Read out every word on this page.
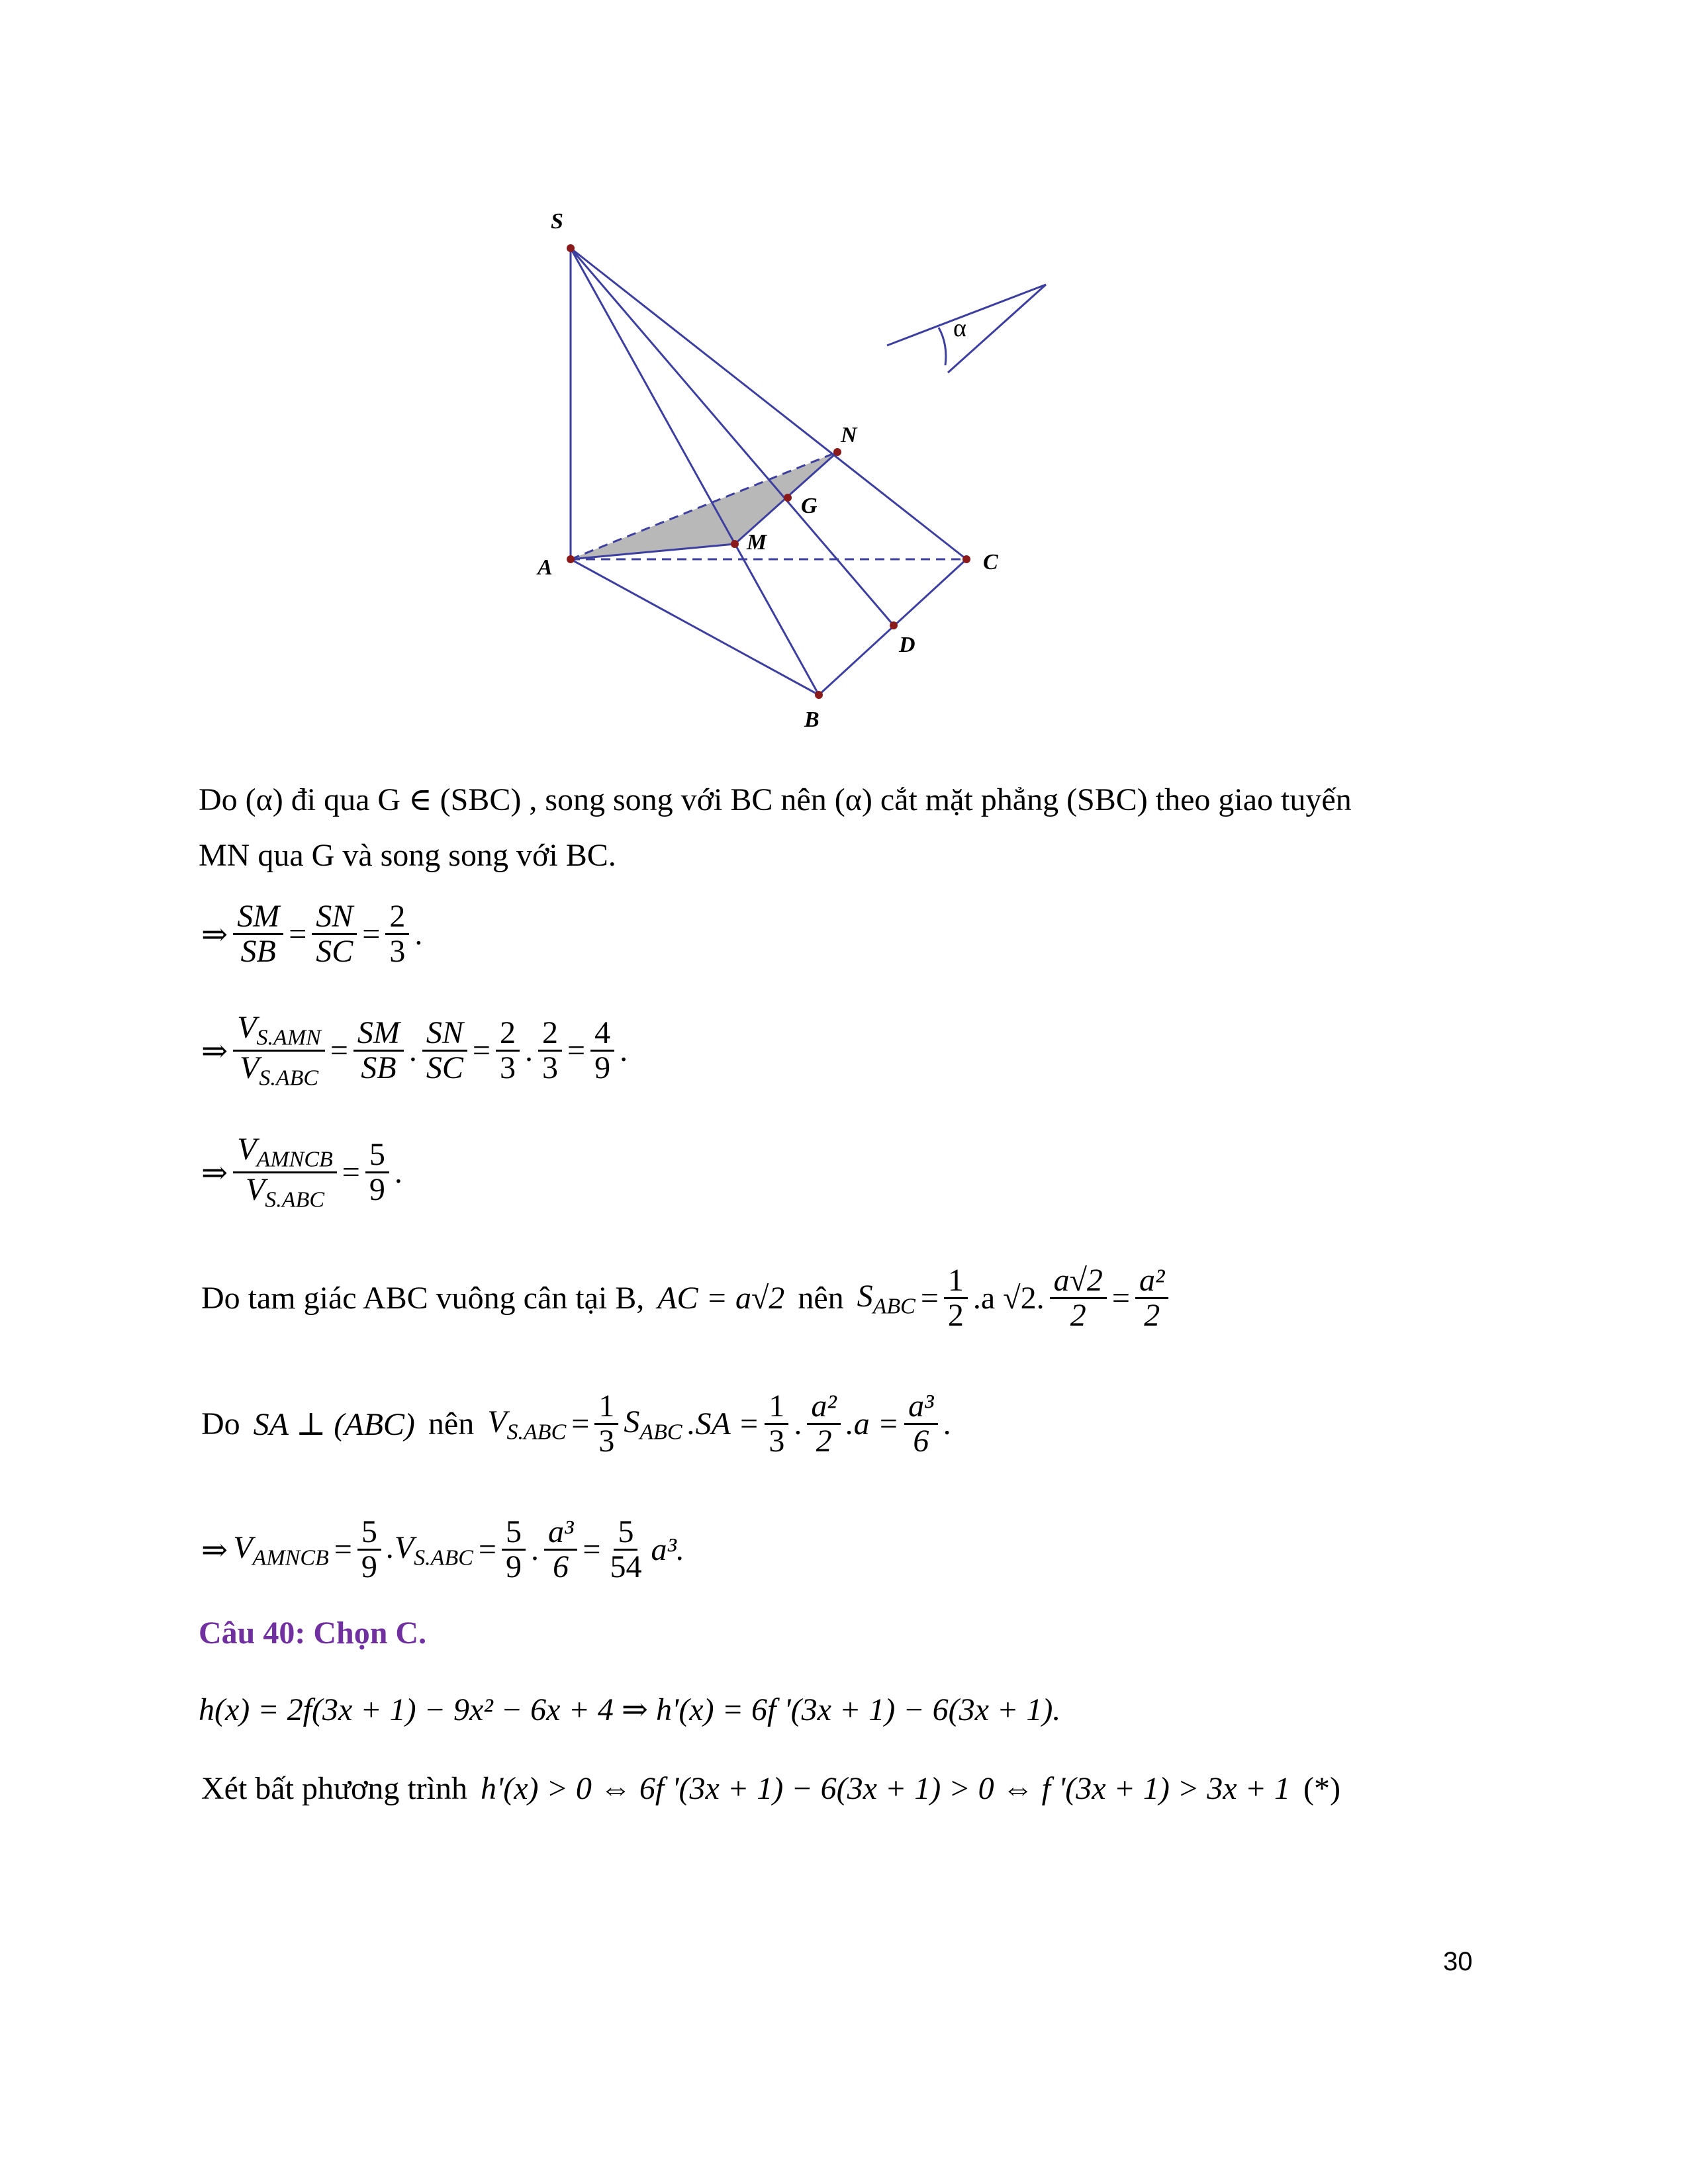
S
A
B
C
D
M
N
G
α
Do (α) đi qua G ∈ (SBC) , song song với BC nên (α) cắt mặt phẳng (SBC) theo giao tuyến
MN qua G và song song với BC.
⇒ $\frac{SM}{SB} = \frac{SN}{SC} = \frac{2}{3}$ .
⇒ $\frac{V_{S.AMN}}{V_{S.ABC}} = \frac{SM}{SB}$ . $\frac{SN}{SC} = \frac{2}{3}$ . $\frac{2}{3} = \frac{4}{9}$ .
⇒ $\frac{V_{AMNCB}}{V_{S.ABC}} = \frac{5}{9}$ .
Do tam giác ABC vuông cân tại B, AC = a√2 nên $S_{ABC} = \frac{1}{2} .a$ √2. $\frac{a√2}{2} = \frac{\text{a²}}{2}$
Do SA ⊥ (ABC) nên $V_{S.ABC} = \frac{1}{3} S_{ABC}$ $.SA = \frac{1}{3}$ . $\frac{\text{a²}}{2} .a = \frac{\text{a³}}{6}$ .
⇒ $V_{AMNCB} = \frac{5}{9} .V_{S.ABC} = \frac{5}{9}$ . $\frac{\text{a³}}{6} = \frac{5}{54} a^3$.
Câu 40: Chọn C.
h(x) = 2f(3x + 1) − 9x² − 6x + 4 ⇒ h'(x) = 6f '(3x + 1) − 6(3x + 1).
Xét bất phương trình h'(x) > 0 ⇔ 6f '(3x + 1) − 6(3x + 1) > 0 ⇔ f '(3x + 1) > 3x + 1 (*)
30
